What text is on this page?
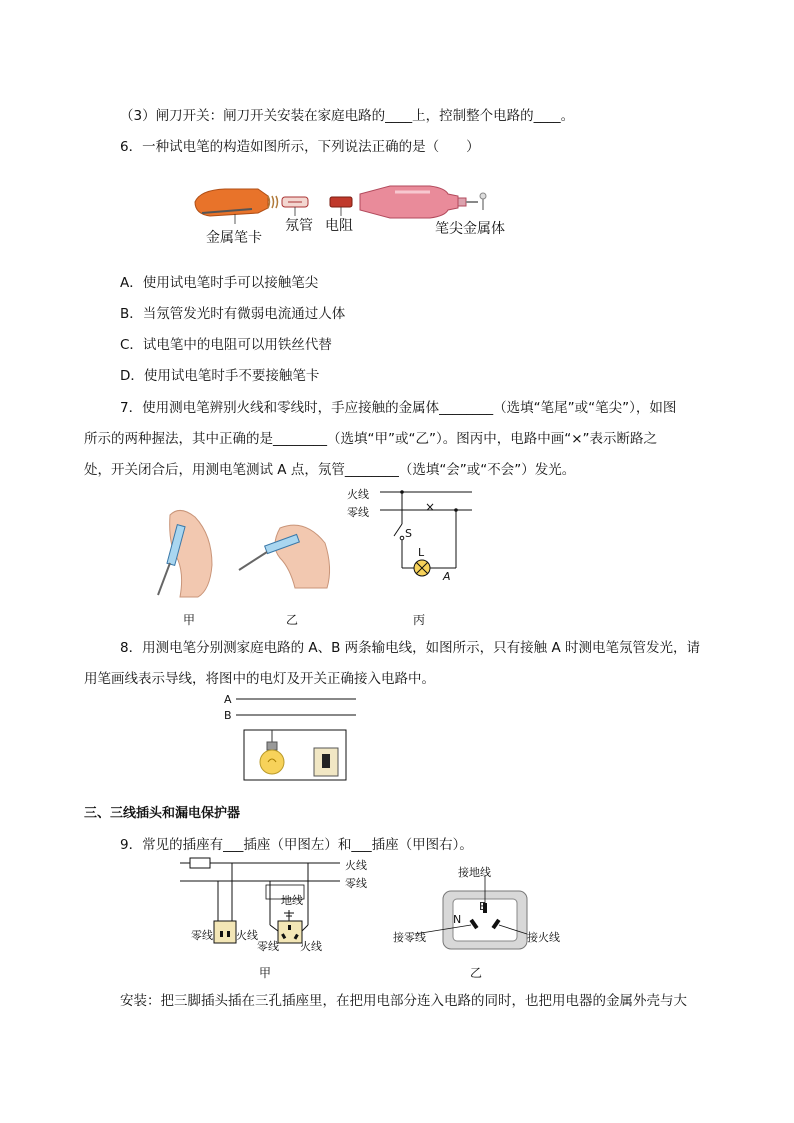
（3）闸刀开关：闸刀开关安装在家庭电路的____上，控制整个电路的____。
6．一种试电笔的构造如图所示，下列说法正确的是（　　）
金属笔卡
氖管 电阻	笔尖金属体
A．使用试电笔时手可以接触笔尖
B．当氖管发光时有微弱电流通过人体
C．试电笔中的电阻可以用铁丝代替
D．使用试电笔时手不要接触笔卡
7．使用测电笔辨别火线和零线时，手应接触的金属体________（选填“笔尾”或“笔尖”），如图
所示的两种握法，其中正确的是________（选填“甲”或“乙”）。图丙中，电路中画“×”表示断路之
处，开关闭合后，用测电笔测试 A 点，氖管________（选填“会”或“不会”）发光。
火线
零线
S
L
A
×
甲	乙	丙
8．用测电笔分别测家庭电路的 A、B 两条输电线，如图所示，只有接触 A 时测电笔氖管发光，请
用笔画线表示导线，将图中的电灯及开关正确接入电路中。
A
B
三、三线插头和漏电保护器
9．常见的插座有___插座（甲图左）和___插座（甲图右）。
火线
零线
地线
零线 火线
零线 火线
甲
E
N
接地线
接零线	接火线
乙
安装：把三脚插头插在三孔插座里，在把用电部分连入电路的同时，也把用电器的金属外壳与大
